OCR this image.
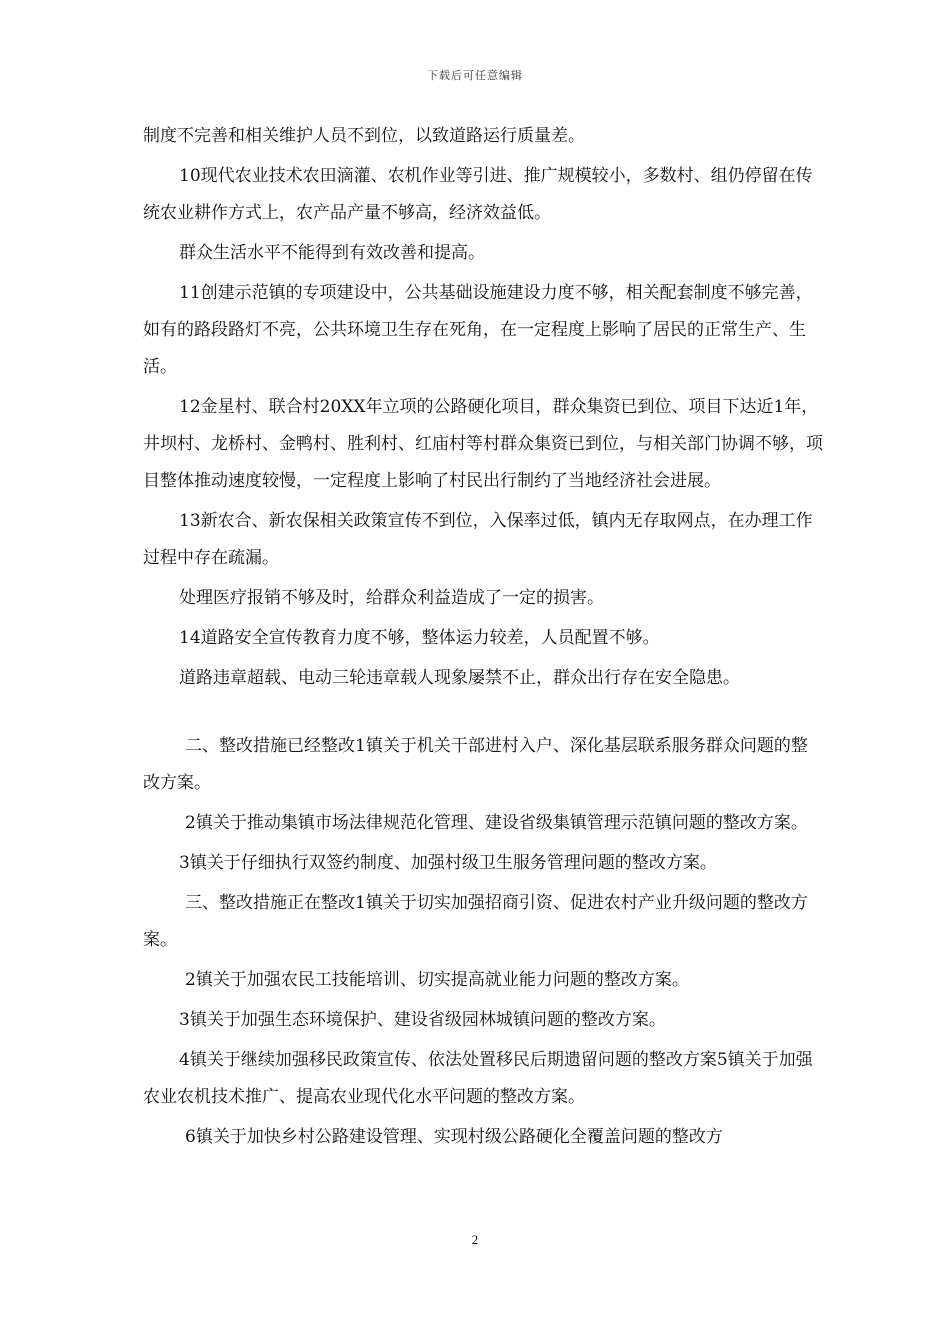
下载后可任意编辑

制度不完善和相关维护人员不到位，以致道路运行质量差。

10现代农业技术农田滴灌、农机作业等引进、推广规模较小，多数村、组仍停留在传统农业耕作方式上，农产品产量不够高，经济效益低。

群众生活水平不能得到有效改善和提高。

11创建示范镇的专项建设中，公共基础设施建设力度不够，相关配套制度不够完善，如有的路段路灯不亮，公共环境卫生存在死角，在一定程度上影响了居民的正常生产、生活。

12金星村、联合村20XX年立项的公路硬化项目，群众集资已到位、项目下达近1年，井坝村、龙桥村、金鸭村、胜利村、红庙村等村群众集资已到位，与相关部门协调不够，项目整体推动速度较慢，一定程度上影响了村民出行制约了当地经济社会进展。

13新农合、新农保相关政策宣传不到位，入保率过低，镇内无存取网点，在办理工作过程中存在疏漏。

处理医疗报销不够及时，给群众利益造成了一定的损害。

14道路安全宣传教育力度不够，整体运力较差，人员配置不够。

道路违章超载、电动三轮违章载人现象屡禁不止，群众出行存在安全隐患。

二、整改措施已经整改1镇关于机关干部进村入户、深化基层联系服务群众问题的整改方案。

2镇关于推动集镇市场法律规范化管理、建设省级集镇管理示范镇问题的整改方案。

3镇关于仔细执行双签约制度、加强村级卫生服务管理问题的整改方案。

三、整改措施正在整改1镇关于切实加强招商引资、促进农村产业升级问题的整改方案。

2镇关于加强农民工技能培训、切实提高就业能力问题的整改方案。

3镇关于加强生态环境保护、建设省级园林城镇问题的整改方案。

4镇关于继续加强移民政策宣传、依法处置移民后期遗留问题的整改方案5镇关于加强农业农机技术推广、提高农业现代化水平问题的整改方案。

6镇关于加快乡村公路建设管理、实现村级公路硬化全覆盖问题的整改方

2
